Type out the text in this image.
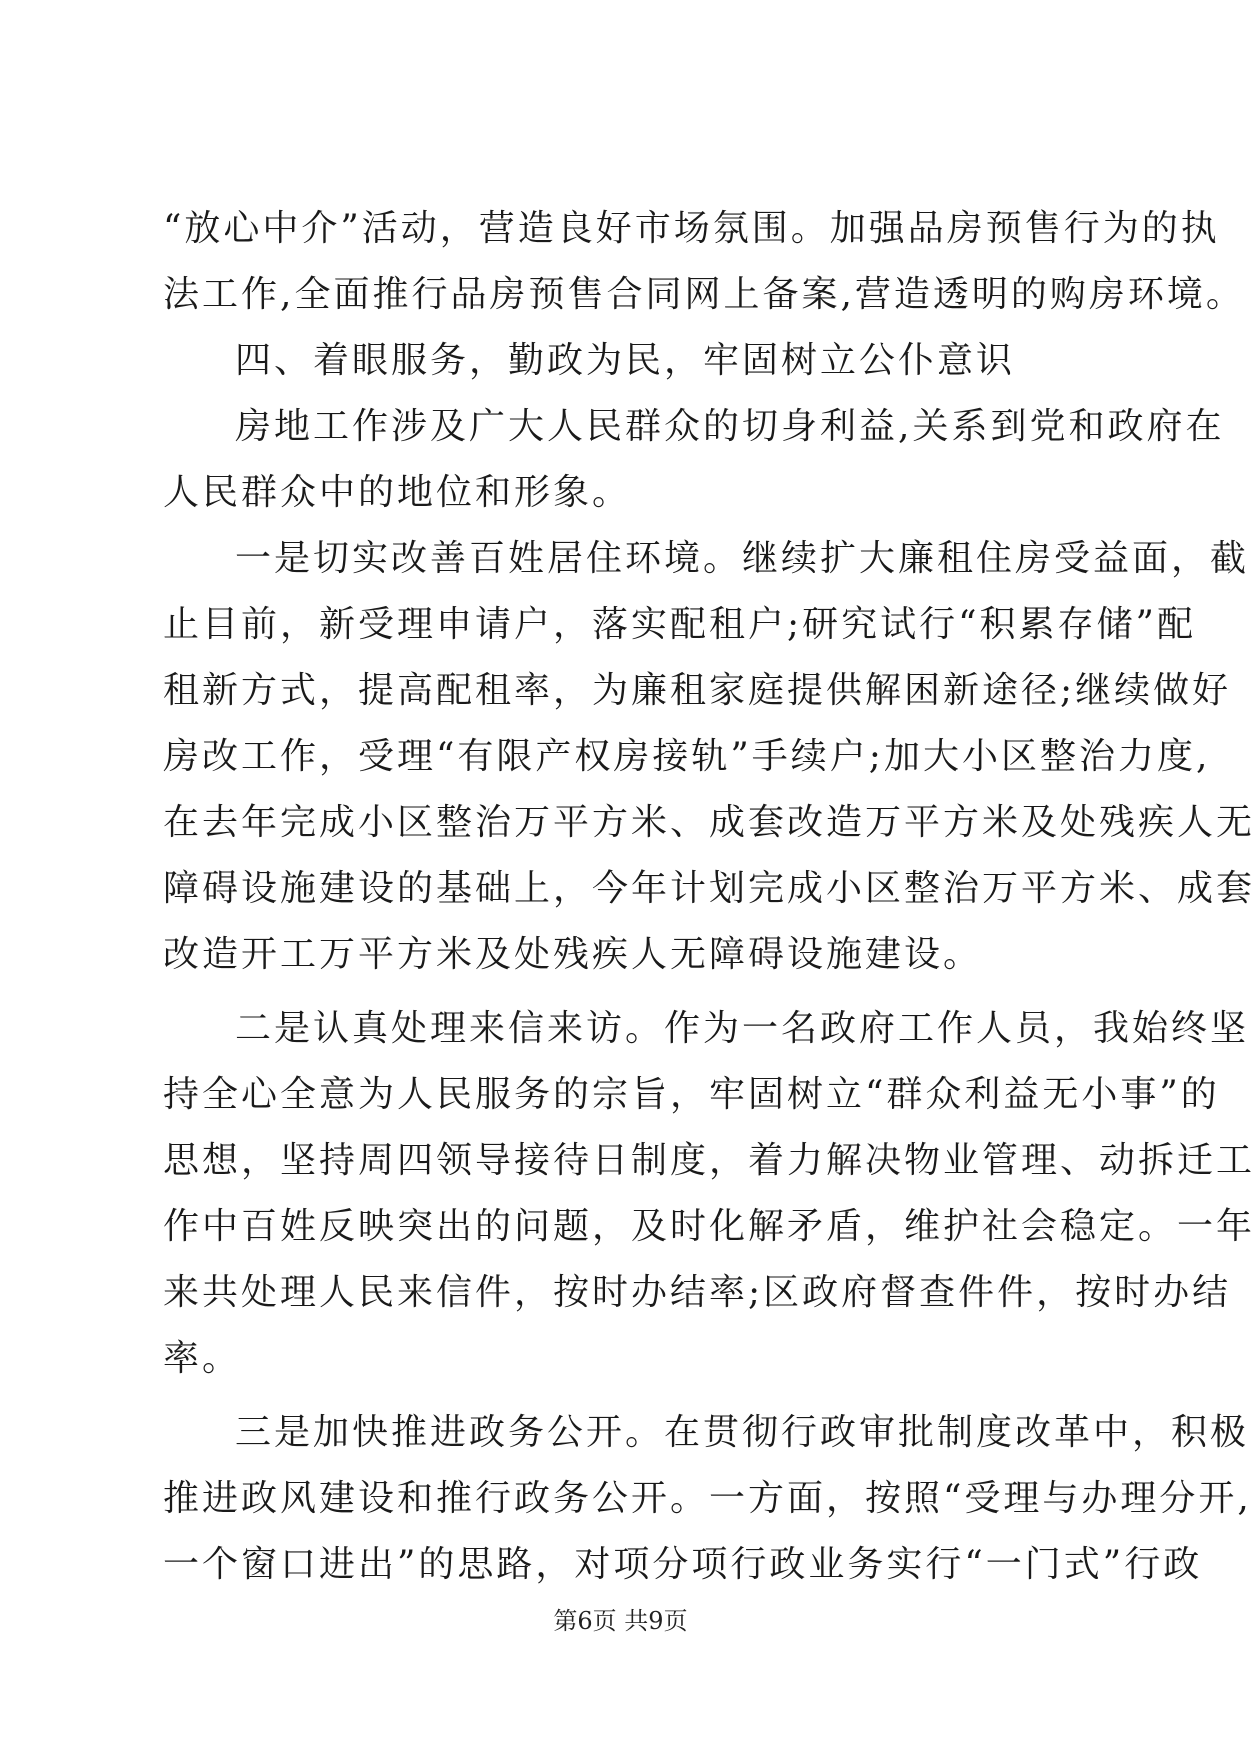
“放心中介”活动，营造良好市场氛围。加强品房预售行为的执
法工作,全面推行品房预售合同网上备案,营造透明的购房环境。
四、着眼服务，勤政为民，牢固树立公仆意识
房地工作涉及广大人民群众的切身利益,关系到党和政府在
人民群众中的地位和形象。
一是切实改善百姓居住环境。继续扩大廉租住房受益面，截
止目前，新受理申请户，落实配租户;研究试行“积累存储”配
租新方式，提高配租率，为廉租家庭提供解困新途径;继续做好
房改工作，受理“有限产权房接轨”手续户;加大小区整治力度,
在去年完成小区整治万平方米、成套改造万平方米及处残疾人无
障碍设施建设的基础上，今年计划完成小区整治万平方米、成套
改造开工万平方米及处残疾人无障碍设施建设。
二是认真处理来信来访。作为一名政府工作人员，我始终坚
持全心全意为人民服务的宗旨，牢固树立“群众利益无小事”的
思想，坚持周四领导接待日制度，着力解决物业管理、动拆迁工
作中百姓反映突出的问题，及时化解矛盾，维护社会稳定。一年
来共处理人民来信件，按时办结率;区政府督查件件，按时办结
率。
三是加快推进政务公开。在贯彻行政审批制度改革中，积极
推进政风建设和推行政务公开。一方面，按照“受理与办理分开,
一个窗口进出”的思路，对项分项行政业务实行“一门式”行政
第6页 共9页
